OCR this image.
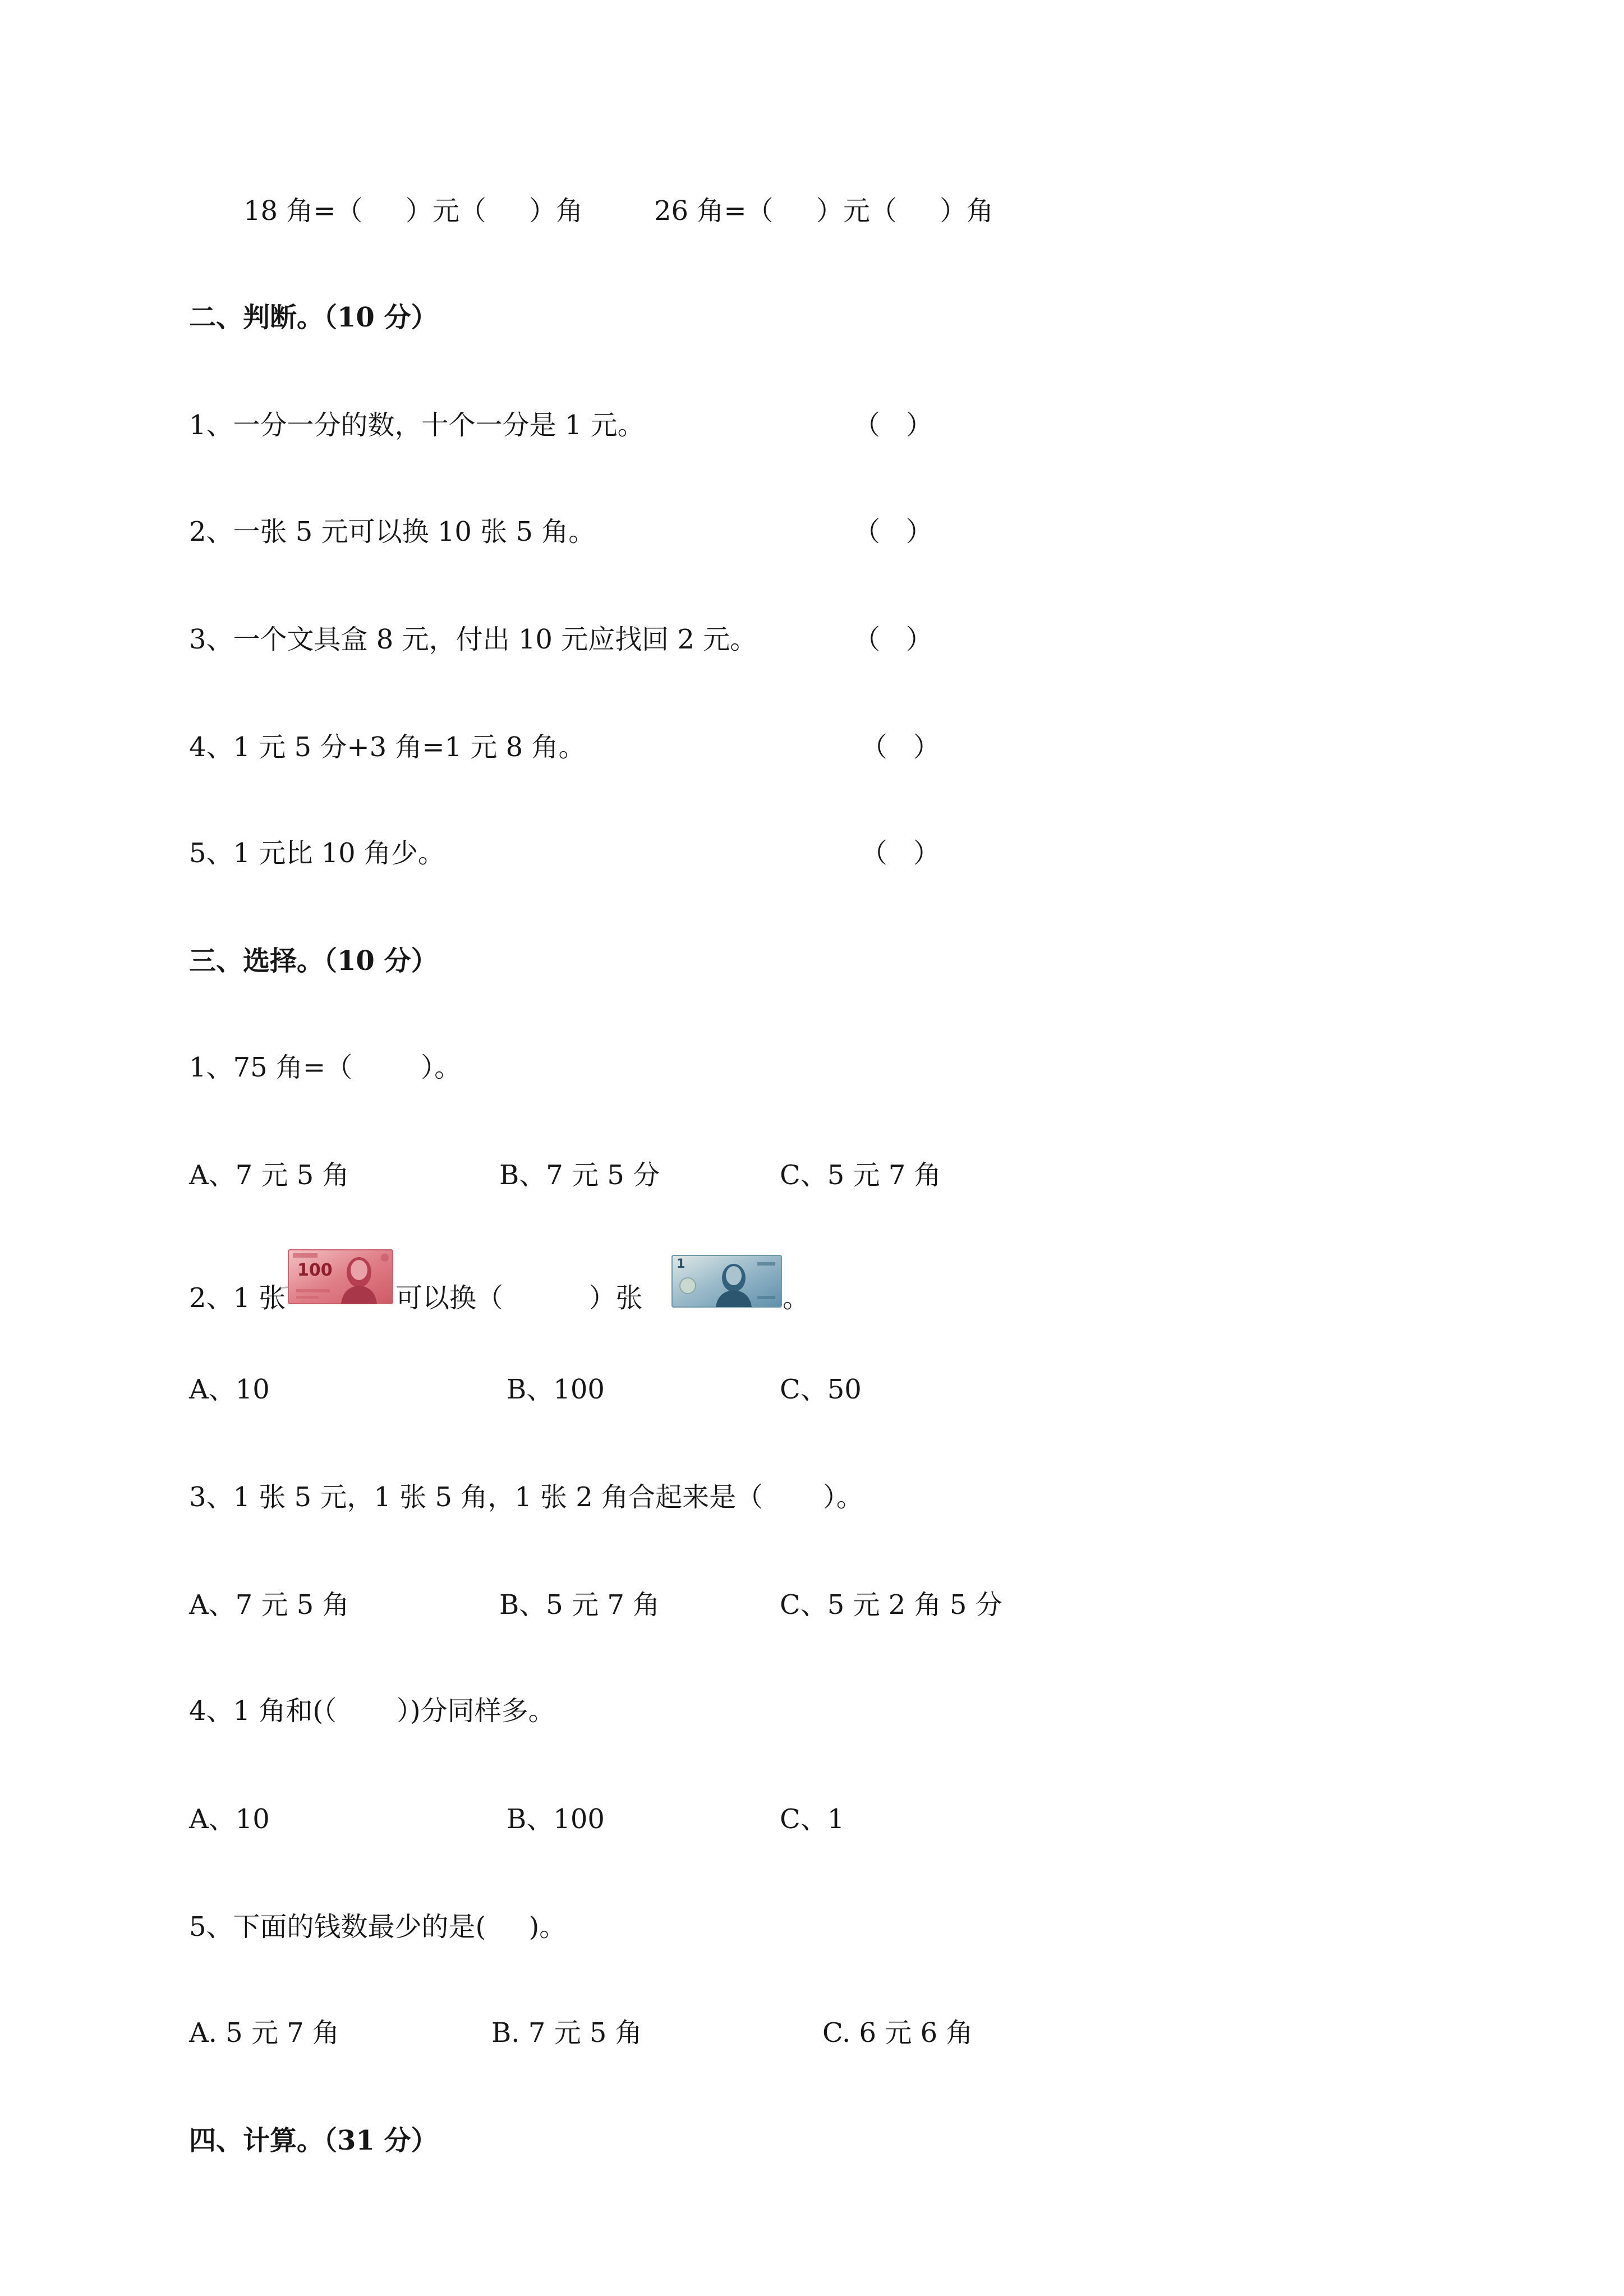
18 角=（     ）元（     ）角	26 角=（     ）元（     ）角
二、判断。（10 分）
1、一分一分的数，十个一分是 1 元。	（   ）
2、一张 5 元可以换 10 张 5 角。	（   ）
3、一个文具盒 8 元，付出 10 元应找回 2 元。	（   ）
4、1 元 5 分+3 角=1 元 8 角。	（   ）
5、1 元比 10 角少。	（   ）
三、选择。（10 分）
1、75 角=（        ）。
A、7 元 5 角	B、7 元 5 分	C、5 元 7 角
2、1 张
100
可以换（          ）张
1
。
A、10	B、100	C、50
3、1 张 5 元，1 张 5 角，1 张 2 角合起来是（       ）。
A、7 元 5 角	B、5 元 7 角	C、5 元 2 角 5 分
4、1 角和(（       ）)分同样多。
A、10	B、100	C、1
5、下面的钱数最少的是(     )。
A. 5 元 7 角	B. 7 元 5 角	C. 6 元 6 角
四、计算。（31 分）
